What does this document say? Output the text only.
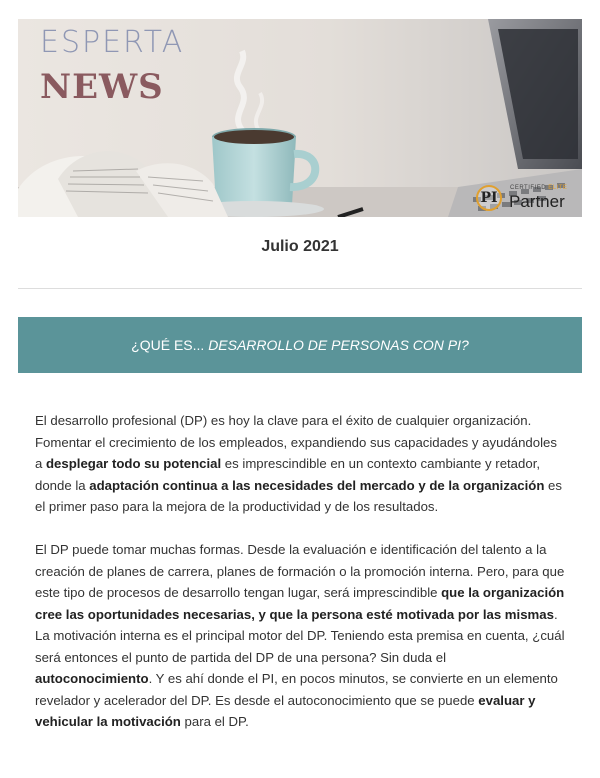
ESPERTA
NEWS
PI
CERTIFIED ELITE
Partner
Julio 2021
¿QUÉ ES... DESARROLLO DE PERSONAS CON PI?

El desarrollo profesional (DP) es hoy la clave para el éxito de cualquier organización. Fomentar el crecimiento de los empleados, expandiendo sus capacidades y ayudándoles a desplegar todo su potencial es imprescindible en un contexto cambiante y retador, donde la adaptación continua a las necesidades del mercado y de la organización es el primer paso para la mejora de la productividad y de los resultados.

El DP puede tomar muchas formas. Desde la evaluación e identificación del talento a la creación de planes de carrera, planes de formación o la promoción interna. Pero, para que este tipo de procesos de desarrollo tengan lugar, será imprescindible que la organización cree las oportunidades necesarias, y que la persona esté motivada por las mismas. La motivación interna es el principal motor del DP. Teniendo esta premisa en cuenta, ¿cuál será entonces el punto de partida del DP de una persona? Sin duda el autoconocimiento. Y es ahí donde el PI, en pocos minutos, se convierte en un elemento revelador y acelerador del DP. Es desde el autoconocimiento que se puede evaluar y vehicular la motivación para el DP.
